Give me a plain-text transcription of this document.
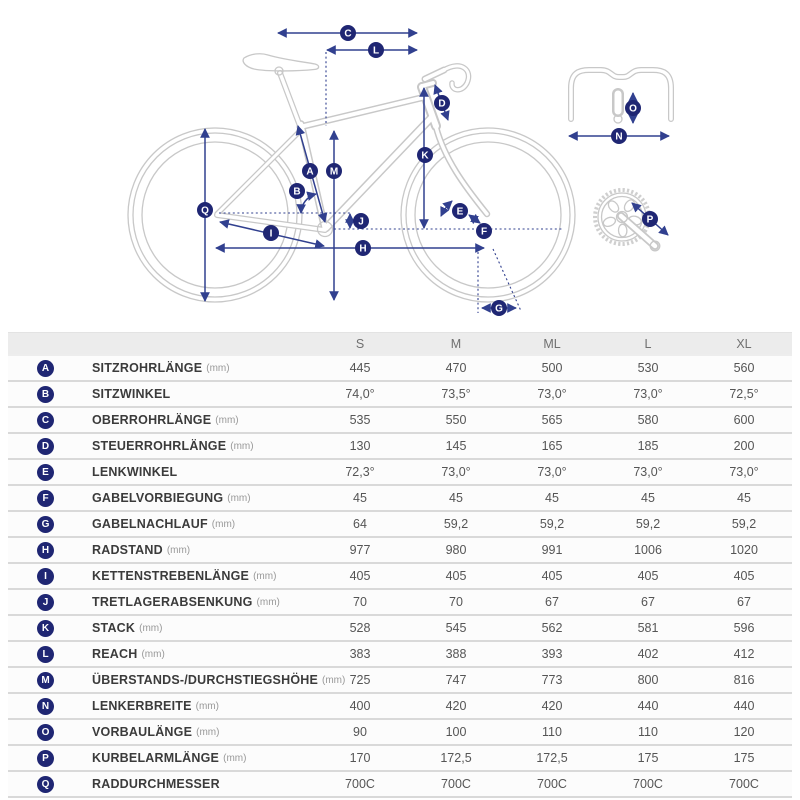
A
B
C
D
E
F
G
H
I
J
K
L
M
N
O
P
Q
S	M	ML	L	XL
A	SITZROHRLÄNGE (mm)	445	470	500	530	560
B	SITZWINKEL	74,0°	73,5°	73,0°	73,0°	72,5°
C	OBERROHRLÄNGE (mm)	535	550	565	580	600
D	STEUERROHRLÄNGE (mm)	130	145	165	185	200
E	LENKWINKEL	72,3°	73,0°	73,0°	73,0°	73,0°
F	GABELVORBIEGUNG (mm)	45	45	45	45	45
G	GABELNACHLAUF (mm)	64	59,2	59,2	59,2	59,2
H	RADSTAND (mm)	977	980	991	1006	1020
I	KETTENSTREBENLÄNGE (mm)	405	405	405	405	405
J	TRETLAGERABSENKUNG (mm)	70	70	67	67	67
K	STACK (mm)	528	545	562	581	596
L	REACH (mm)	383	388	393	402	412
M	ÜBERSTANDS-/DURCHSTIEGSHÖHE (mm) 725	747	773	800	816
N	LENKERBREITE (mm)	400	420	420	440	440
O	VORBAULÄNGE (mm)	90	100	110	110	120
P	KURBELARMLÄNGE (mm)	170	172,5	172,5	175	175
Q	RADDURCHMESSER	700C	700C	700C	700C	700C
